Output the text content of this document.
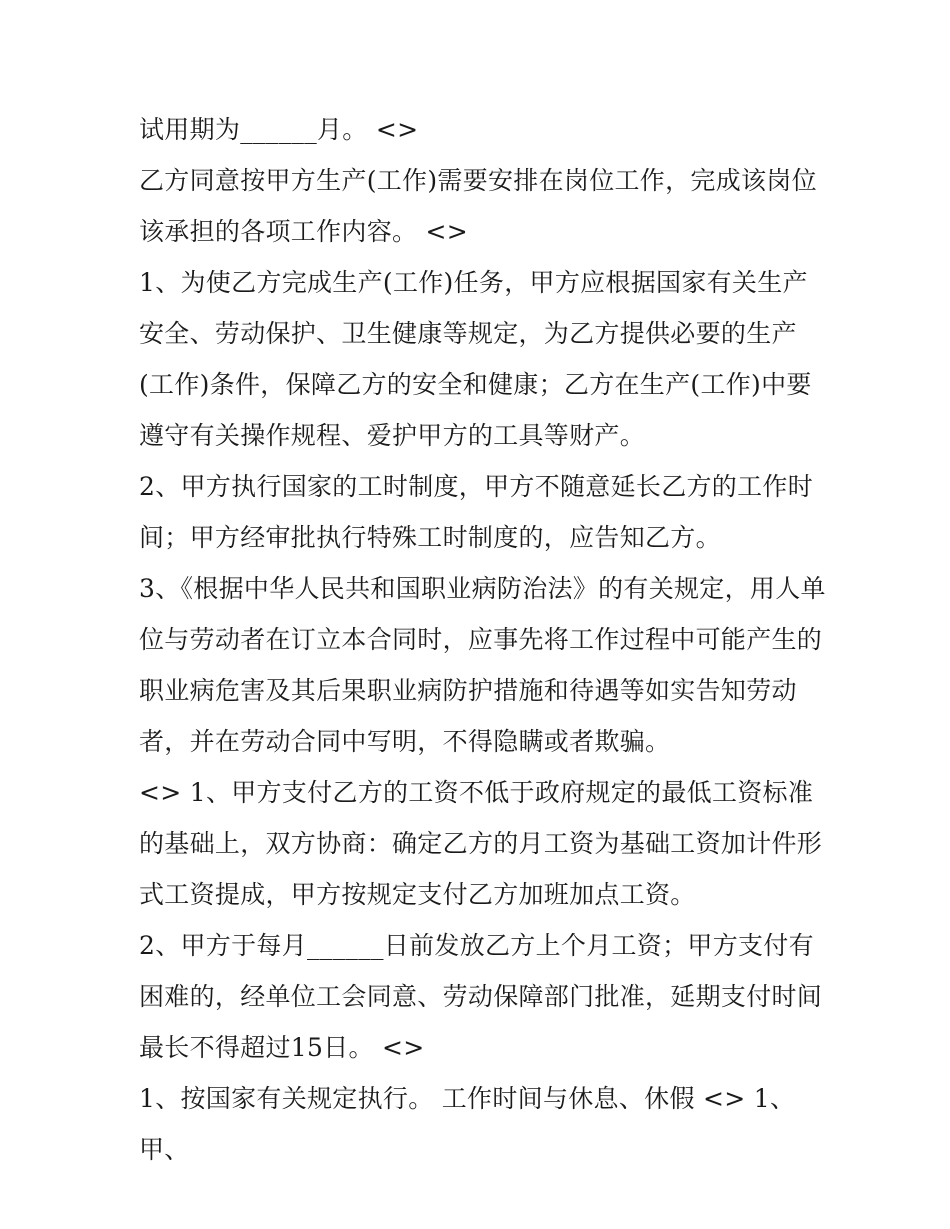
试用期为______月。 <>

乙方同意按甲方生产(工作)需要安排在岗位工作，完成该岗位该承担的各项工作内容。 <>

1、为使乙方完成生产(工作)任务，甲方应根据国家有关生产安全、劳动保护、卫生健康等规定，为乙方提供必要的生产(工作)条件，保障乙方的安全和健康；乙方在生产(工作)中要遵守有关操作规程、爱护甲方的工具等财产。

2、甲方执行国家的工时制度，甲方不随意延长乙方的工作时间；甲方经审批执行特殊工时制度的，应告知乙方。

3、《根据中华人民共和国职业病防治法》的有关规定，用人单位与劳动者在订立本合同时，应事先将工作过程中可能产生的职业病危害及其后果职业病防护措施和待遇等如实告知劳动者，并在劳动合同中写明，不得隐瞒或者欺骗。

<> 1、甲方支付乙方的工资不低于政府规定的最低工资标准的基础上，双方协商：确定乙方的月工资为基础工资加计件形式工资提成，甲方按规定支付乙方加班加点工资。

2、甲方于每月______日前发放乙方上个月工资；甲方支付有困难的，经单位工会同意、劳动保障部门批准，延期支付时间最长不得超过15日。 <>

1、按国家有关规定执行。 工作时间与休息、休假 <> 1、甲、
